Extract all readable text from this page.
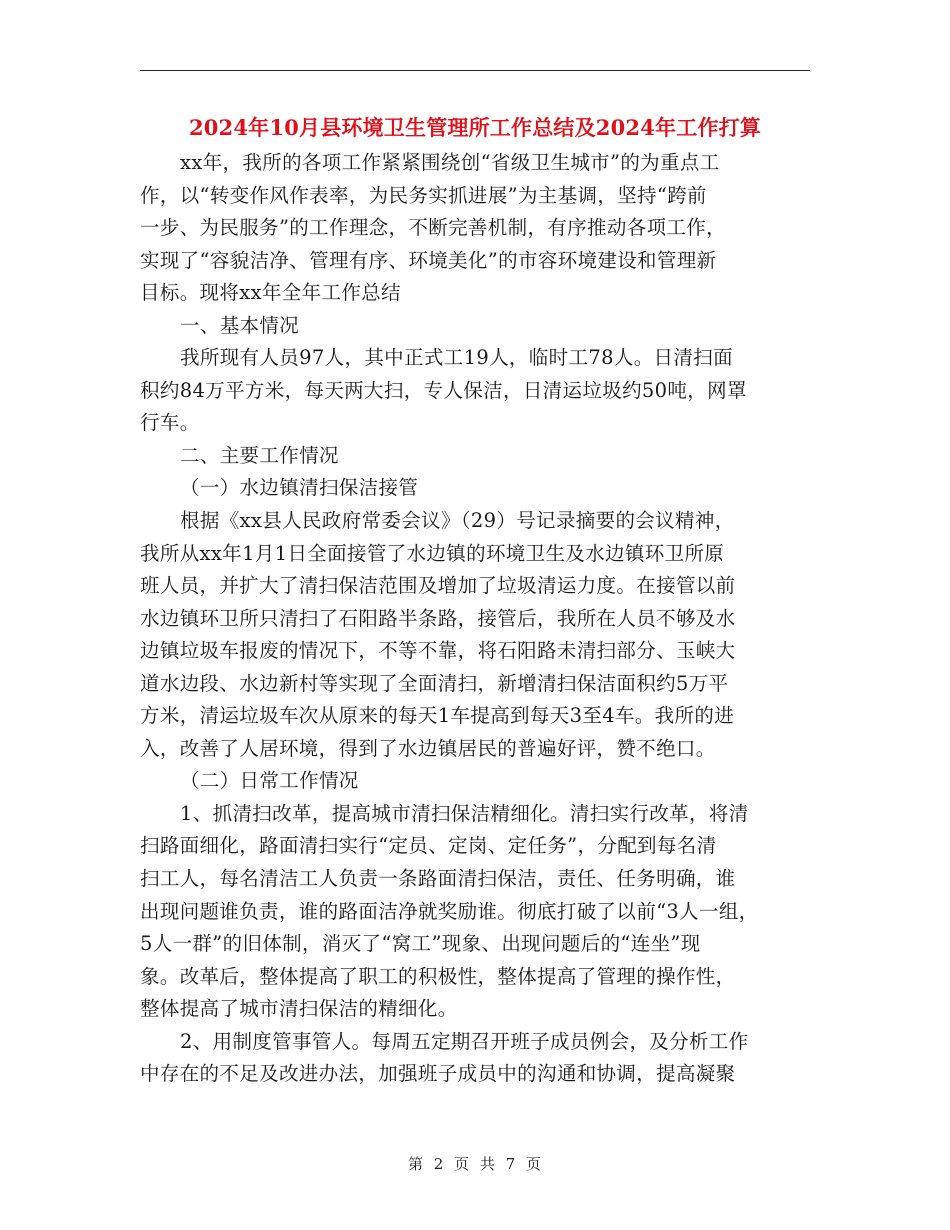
2024年10月县环境卫生管理所工作总结及2024年工作打算
xx年，我所的各项工作紧紧围绕创“省级卫生城市”的为重点工
作，以“转变作风作表率，为民务实抓进展”为主基调，坚持“跨前
一步、为民服务”的工作理念，不断完善机制，有序推动各项工作，
实现了“容貌洁净、管理有序、环境美化”的市容环境建设和管理新
目标。现将xx年全年工作总结
一、基本情况
我所现有人员97人，其中正式工19人，临时工78人。日清扫面
积约84万平方米，每天两大扫，专人保洁，日清运垃圾约50吨，网罩
行车。
二、主要工作情况
（一）水边镇清扫保洁接管
根据《xx县人民政府常委会议》（29）号记录摘要的会议精神，
我所从xx年1月1日全面接管了水边镇的环境卫生及水边镇环卫所原
班人员，并扩大了清扫保洁范围及增加了垃圾清运力度。在接管以前
水边镇环卫所只清扫了石阳路半条路，接管后，我所在人员不够及水
边镇垃圾车报废的情况下，不等不靠，将石阳路未清扫部分、玉峡大
道水边段、水边新村等实现了全面清扫，新增清扫保洁面积约5万平
方米，清运垃圾车次从原来的每天1车提高到每天3至4车。我所的进
入，改善了人居环境，得到了水边镇居民的普遍好评，赞不绝口。
（二）日常工作情况
1、抓清扫改革，提高城市清扫保洁精细化。清扫实行改革，将清
扫路面细化，路面清扫实行“定员、定岗、定任务”，分配到每名清
扫工人，每名清洁工人负责一条路面清扫保洁，责任、任务明确，谁
出现问题谁负责，谁的路面洁净就奖励谁。彻底打破了以前“3人一组，
5人一群”的旧体制，消灭了“窝工”现象、出现问题后的“连坐”现
象。改革后，整体提高了职工的积极性，整体提高了管理的操作性，
整体提高了城市清扫保洁的精细化。
2、用制度管事管人。每周五定期召开班子成员例会，及分析工作
中存在的不足及改进办法，加强班子成员中的沟通和协调，提高凝聚
第 2 页 共 7 页
